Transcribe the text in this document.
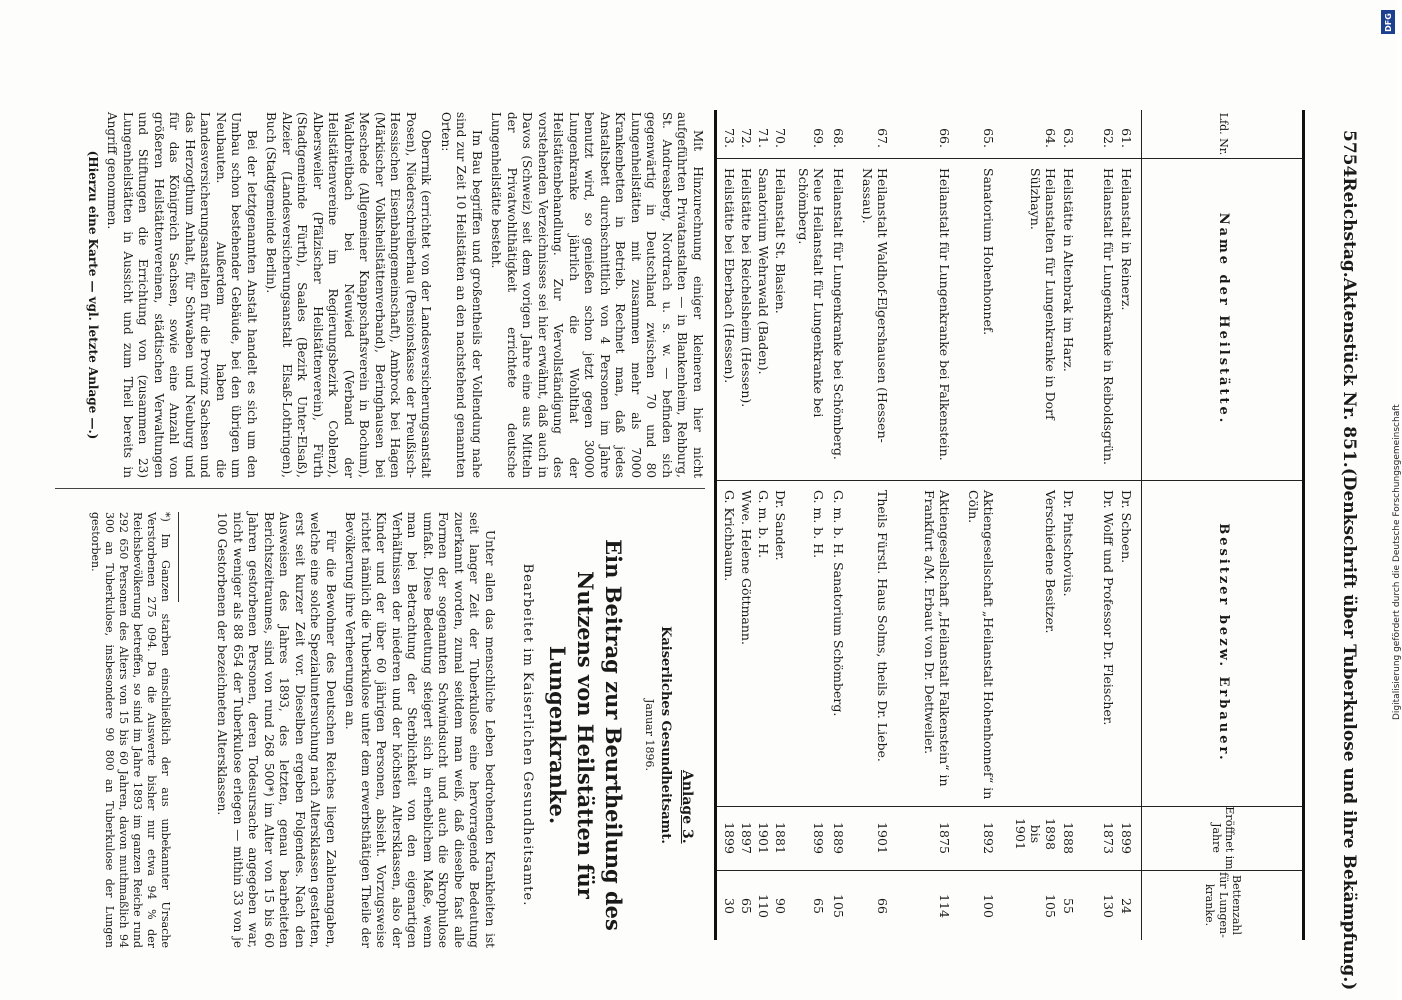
5754
Reichstag.
Aktenstück Nr. 851.
(Denkschrift über Tuberkulose und ihre Bekämpfung.)
Lfd. Nr.
Name der Heilstätte.
Besitzer bezw. Erbauer.
Eröffnet im Jahre
Bettenzahl für Lungen-kranke.
61.
Heilanstalt in Reinerz.
Dr. Schoen.
1899
24
62.
Heilanstalt für Lungenkranke in Reiboldsgrün.
Dr. Wolff und Professor Dr. Fleischer.
1873
130
63.
Heilstätte in Altenbrak im Harz.
Dr. Pintschovius.
1888
55
64.
Heilanstalten für Lungenkranke in Dorf Sülzhayn.
Verschiedene Besitzer.
1898 bis 1901
105
65.
Sanatorium Hohenhonnef.
Aktiengesellschaft „Heilanstalt Hohenhonnef“ in Cöln.
1892
100
66.
Heilanstalt für Lungenkranke bei Falkenstein.
Aktiengesellschaft „Heilanstalt Falkenstein“ in Frankfurt a/M. Erbaut von Dr. Dettweiler.
1875
114
67.
Heilanstalt Waldhof-Elgershausen (Hessen-Nassau).
Theils Fürstl. Haus Solms, theils Dr. Liebe.
1901
66
68.
Heilanstalt für Lungenkranke bei Schömberg.
G. m. b. H. Sanatorium Schömberg.
1889
105
69.
Neue Heilanstalt für Lungenkranke bei Schömberg.
G. m. b. H.
1899
65
70.
Heilanstalt St. Blasien.
Dr. Sander.
1881
90
71.
Sanatorium Wehrawald (Baden).
G. m. b. H.
1901
110
72.
Heilstätte bei Reichelsheim (Hessen).
Wwe. Helene Göttmann.
1897
65
73.
Heilstätte bei Eberbach (Hessen).
G. Krichbaum.
1899
30

Mit Hinzurechnung einiger kleineren hier nicht aufgeführten Privatanstalten — in Blankenheim, Rehburg, St. Andreasberg, Nordrach u. s. w. — befinden sich gegenwärtig in Deutschland zwischen 70 und 80 Lungenheilstätten mit zusammen mehr als 7000 Krankenbetten in Betrieb. Rechnet man, daß jedes Anstaltsbett durchschnittlich von 4 Personen im Jahre benutzt wird, so genießen schon jetzt gegen 30000 Lungenkranke jährlich die Wohlthat der Heilstättenbehandlung. Zur Vervollständigung des vorstehenden Verzeichnisses sei hier erwähnt, daß auch in Davos (Schweiz) seit dem vorigen Jahre eine aus Mitteln der Privatwohlthätigkeit errichtete deutsche Lungenheilstätte besteht.

Im Bau begriffen und großentheils der Vollendung nahe sind zur Zeit 10 Heilstätten an den nachstehend genannten Orten:

Oberrnik (errichtet von der Landesversicherungsanstalt Posen), Niederschreiberhau (Pensionskasse der Preußisch-Hessischen Eisenbahngemeinschaft), Ambrock bei Hagen (Märkischer Volksheilstättenverband), Beringhausen bei Meschede (Allgemeiner Knappschaftsverein in Bochum), Waldbreitbach bei Neuwied (Verband der Heilstättenvereine im Regierungsbezirk Coblenz), Albersweiler (Pfälzischer Heilstättenverein), Fürth (Stadtgemeinde Fürth), Saales (Bezirk Unter-Elsaß), Alzeier (Landesversicherungsanstalt Elsaß-Lothringen), Buch (Stadtgemeinde Berlin).

Bei der letztgenannten Anstalt handelt es sich um den Umbau schon bestehender Gebäude, bei den übrigen um Neubauten. Außerdem haben die Landesversicherungsanstalten für die Provinz Sachsen und das Herzogthum Anhalt, für Schwaben und Neuburg und für das Königreich Sachsen, sowie eine Anzahl von größeren Heilstättenvereinen, städtischen Verwaltungen und Stiftungen die Errichtung von (zusammen 23) Lungenheilstätten in Aussicht und zum Theil bereits in Angriff genommen.

(Hierzu eine Karte — vgl. letzte Anlage —.)

Anlage 3.
Kaiserliches Gesundheitsamt.
Januar 1896.
Ein Beitrag zur Beurtheilung des Nutzens von Heilstätten für Lungenkranke.
Bearbeitet im Kaiserlichen Gesundheitsamte.

Unter allen das menschliche Leben bedrohenden Krankheiten ist seit langer Zeit der Tuberkulose eine hervorragende Bedeutung zuerkannt worden, zumal seitdem man weiß, daß dieselbe fast alle Formen der sogenannten Schwindsucht und auch die Skrophulose umfaßt. Diese Bedeutung steigert sich in erheblichem Maße, wenn man bei Betrachtung der Sterblichkeit von den eigenartigen Verhältnissen der niederen und der höchsten Altersklassen, also der Kinder und der über 60 jährigen Personen, absieht. Vorzugsweise richtet nämlich die Tuberkulose unter dem erwerbsthätigen Theile der Bevölkerung ihre Verheerungen an.

Für die Bewohner des Deutschen Reiches liegen Zahlenangaben, welche eine solche Spezialuntersuchung nach Altersklassen gestatten, erst seit kurzer Zeit vor. Dieselben ergeben Folgendes. Nach den Ausweisen des Jahres 1893, des letzten, genau bearbeiteten Berichtszeitraumes, sind von rund 268 500*) im Alter von 15 bis 60 Jahren gestorbenen Personen, deren Todesursache angegeben war, nicht weniger als 88 654 der Tuberkulose erlegen — mithin 33 von je 100 Gestorbenen der bezeichneten Altersklassen.

*) Im Ganzen starben einschließlich der aus unbekannter Ursache Verstorbenen 275 094. Da die Auswerte bisher nur etwa 94 % der Reichsbevölkerung betreffen, so sind im Jahre 1893 im ganzen Reiche rund 292 650 Personen des Alters von 15 bis 60 Jahren, davon muthmaßlich 94 300 an Tuberkulose, insbesondere 90 800 an Tuberkulose der Lungen gestorben.
DFG
Digitalisierung gefördert durch die Deutsche Forschungsgemeinschaft
